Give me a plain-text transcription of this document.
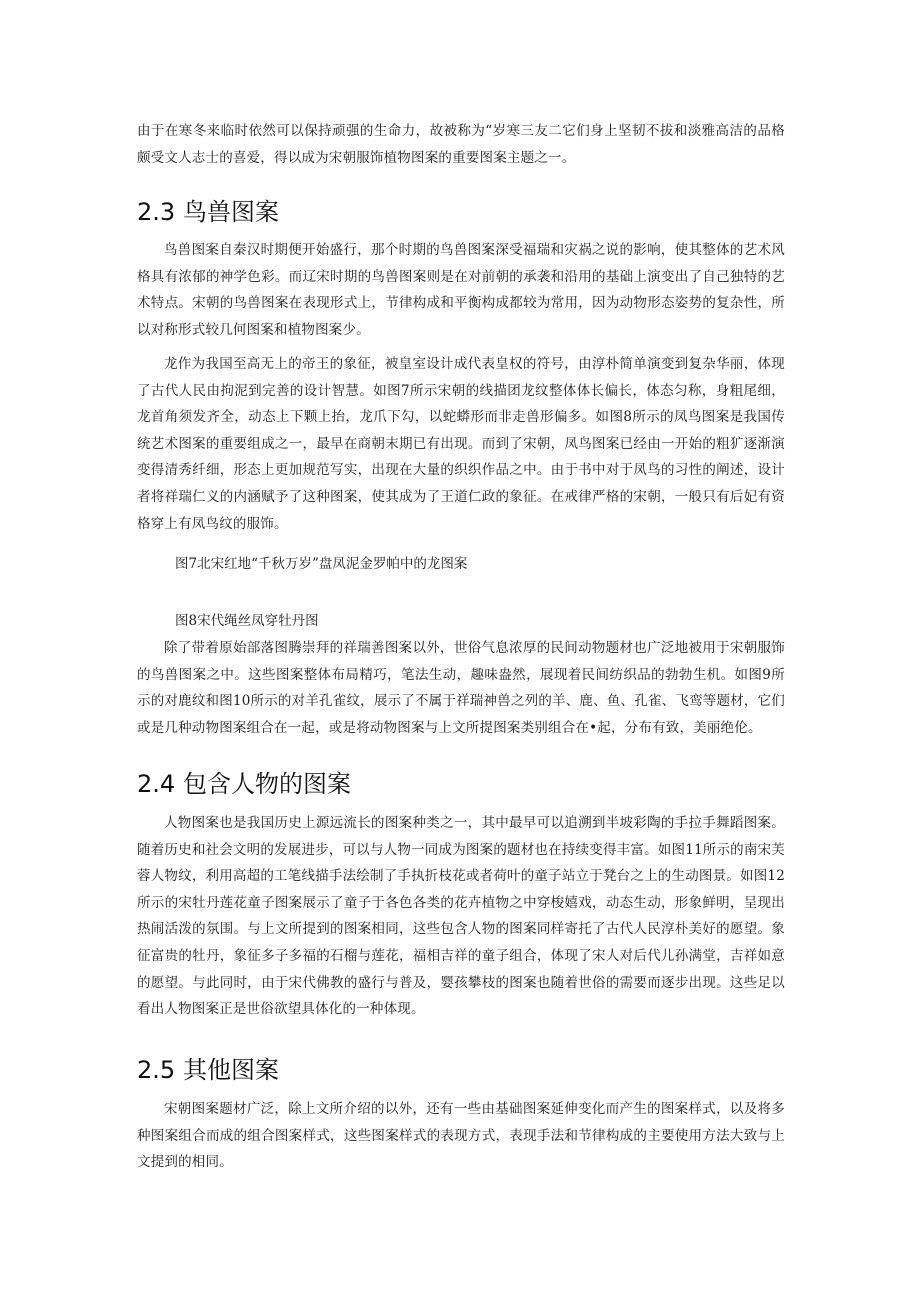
由于在寒冬来临时依然可以保持顽强的生命力，故被称为“岁寒三友二它们身上坚韧不拔和淡雅高洁的品格颇受文人志士的喜爱，得以成为宋朝服饰植物图案的重要图案主题之一。

2.3 鸟兽图案

鸟兽图案自秦汉时期便开始盛行，那个时期的鸟兽图案深受福瑞和灾祸之说的影响，使其整体的艺术风格具有浓郁的神学色彩。而辽宋时期的鸟兽图案则是在对前朝的承袭和沿用的基础上演变出了自己独特的艺术特点。宋朝的鸟兽图案在表现形式上，节律构成和平衡构成都较为常用，因为动物形态姿势的复杂性，所以对称形式较几何图案和植物图案少。

龙作为我国至高无上的帝王的象征，被皇室设计成代表皇权的符号，由淳朴简单演变到复杂华丽，体现了古代人民由拘泥到完善的设计智慧。如图7所示宋朝的线描团龙纹整体体长偏长，体态匀称，身粗尾细，龙首角须发齐全，动态上下颗上抬，龙爪下勾，以蛇蟒形而非走兽形偏多。如图8所示的凤鸟图案是我国传统艺术图案的重要组成之一，最早在商朝末期已有出现。而到了宋朝，凤鸟图案已经由一开始的粗犷逐渐演变得清秀纤细，形态上更加规范写实，出现在大量的织织作品之中。由于书中对于凤鸟的习性的阐述，设计者将祥瑞仁义的内涵赋予了这种图案，使其成为了王道仁政的象征。在戒律严格的宋朝，一般只有后妃有资格穿上有凤鸟纹的服饰。

图7北宋红地“千秋万岁”盘凤泥金罗帕中的龙图案
图8宋代绳丝凤穿牡丹图

除了带着原始部落图腾崇拜的祥瑞善图案以外，世俗气息浓厚的民间动物题材也广泛地被用于宋朝服饰的鸟兽图案之中。这些图案整体布局精巧，笔法生动，趣味盎然，展现着民间纺织品的勃勃生机。如图9所示的对鹿纹和图10所示的对羊孔雀纹，展示了不属于祥瑞神兽之列的羊、鹿、鱼、孔雀、飞鸾等题材，它们或是几种动物图案组合在一起，或是将动物图案与上文所提图案类别组合在•起，分布有致，美丽绝伦。

2.4 包含人物的图案

人物图案也是我国历史上源远流长的图案种类之一，其中最早可以追溯到半坡彩陶的手拉手舞蹈图案。随着历史和社会文明的发展进步，可以与人物一同成为图案的题材也在持续变得丰富。如图11所示的南宋芙蓉人物纹，利用高超的工笔线描手法绘制了手执折枝花或者荷叶的童子站立于凳台之上的生动图景。如图12所示的宋牡丹莲花童子图案展示了童子于各色各类的花卉植物之中穿梭嬉戏，动态生动，形象鲜明，呈现出热闹活泼的氛围。与上文所提到的图案相同，这些包含人物的图案同样寄托了古代人民淳朴美好的愿望。象征富贵的牡丹，象征多子多福的石榴与莲花，福相吉祥的童子组合，体现了宋人对后代儿孙满堂，吉祥如意的愿望。与此同时，由于宋代佛教的盛行与普及，婴孩攀枝的图案也随着世俗的需要而逐步出现。这些足以看出人物图案正是世俗欲望具体化的一种体现。

2.5 其他图案

宋朝图案题材广泛，除上文所介绍的以外，还有一些由基础图案延伸变化而产生的图案样式，以及将多种图案组合而成的组合图案样式，这些图案样式的表现方式，表现手法和节律构成的主要使用方法大致与上文提到的相同。
